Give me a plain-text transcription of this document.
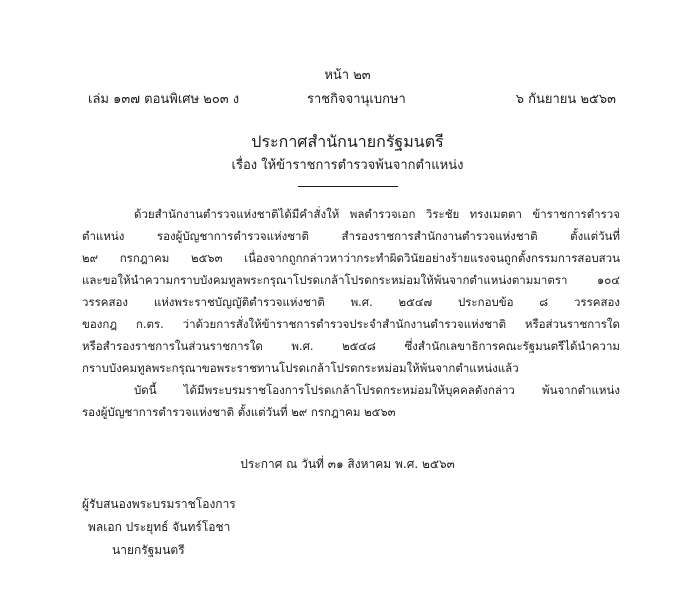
หน้า ๒๓
เล่ม ๑๓๗ ตอนพิเศษ ๒๐๓ ง	ราชกิจจานุเบกษา	๖ กันยายน ๒๕๖๓
ประกาศสำนักนายกรัฐมนตรี
เรื่อง ให้ข้าราชการตำรวจพ้นจากตำแหน่ง
ด้วยสำนักงานตำรวจแห่งชาติได้มีคำสั่งให้ พลตำรวจเอก วิระชัย ทรงเมตตา ข้าราชการตำรวจ
ตำแหน่ง รองผู้บัญชาการตำรวจแห่งชาติ สำรองราชการสำนักงานตำรวจแห่งชาติ ตั้งแต่วันที่
๒๙ กรกฎาคม ๒๕๖๓ เนื่องจากถูกกล่าวหาว่ากระทำผิดวินัยอย่างร้ายแรงจนถูกตั้งกรรมการสอบสวน
และขอให้นำความกราบบังคมทูลพระกรุณาโปรดเกล้าโปรดกระหม่อมให้พ้นจากตำแหน่งตามมาตรา ๑๐๔
วรรคสอง แห่งพระราชบัญญัติตำรวจแห่งชาติ พ.ศ. ๒๕๔๗ ประกอบข้อ ๘ วรรคสอง
ของกฎ ก.ตร. ว่าด้วยการสั่งให้ข้าราชการตำรวจประจำสำนักงานตำรวจแห่งชาติ หรือส่วนราชการใด
หรือสำรองราชการในส่วนราชการใด พ.ศ. ๒๕๔๘ ซึ่งสำนักเลขาธิการคณะรัฐมนตรีได้นำความ
กราบบังคมทูลพระกรุณาขอพระราชทานโปรดเกล้าโปรดกระหม่อมให้พ้นจากตำแหน่งแล้ว
บัดนี้ ได้มีพระบรมราชโองการโปรดเกล้าโปรดกระหม่อมให้บุคคลดังกล่าว พ้นจากตำแหน่ง
รองผู้บัญชาการตำรวจแห่งชาติ ตั้งแต่วันที่ ๒๙ กรกฎาคม ๒๕๖๓
ประกาศ ณ วันที่ ๓๑ สิงหาคม พ.ศ. ๒๕๖๓
ผู้รับสนองพระบรมราชโองการ
พลเอก ประยุทธ์ จันทร์โอชา
นายกรัฐมนตรี
